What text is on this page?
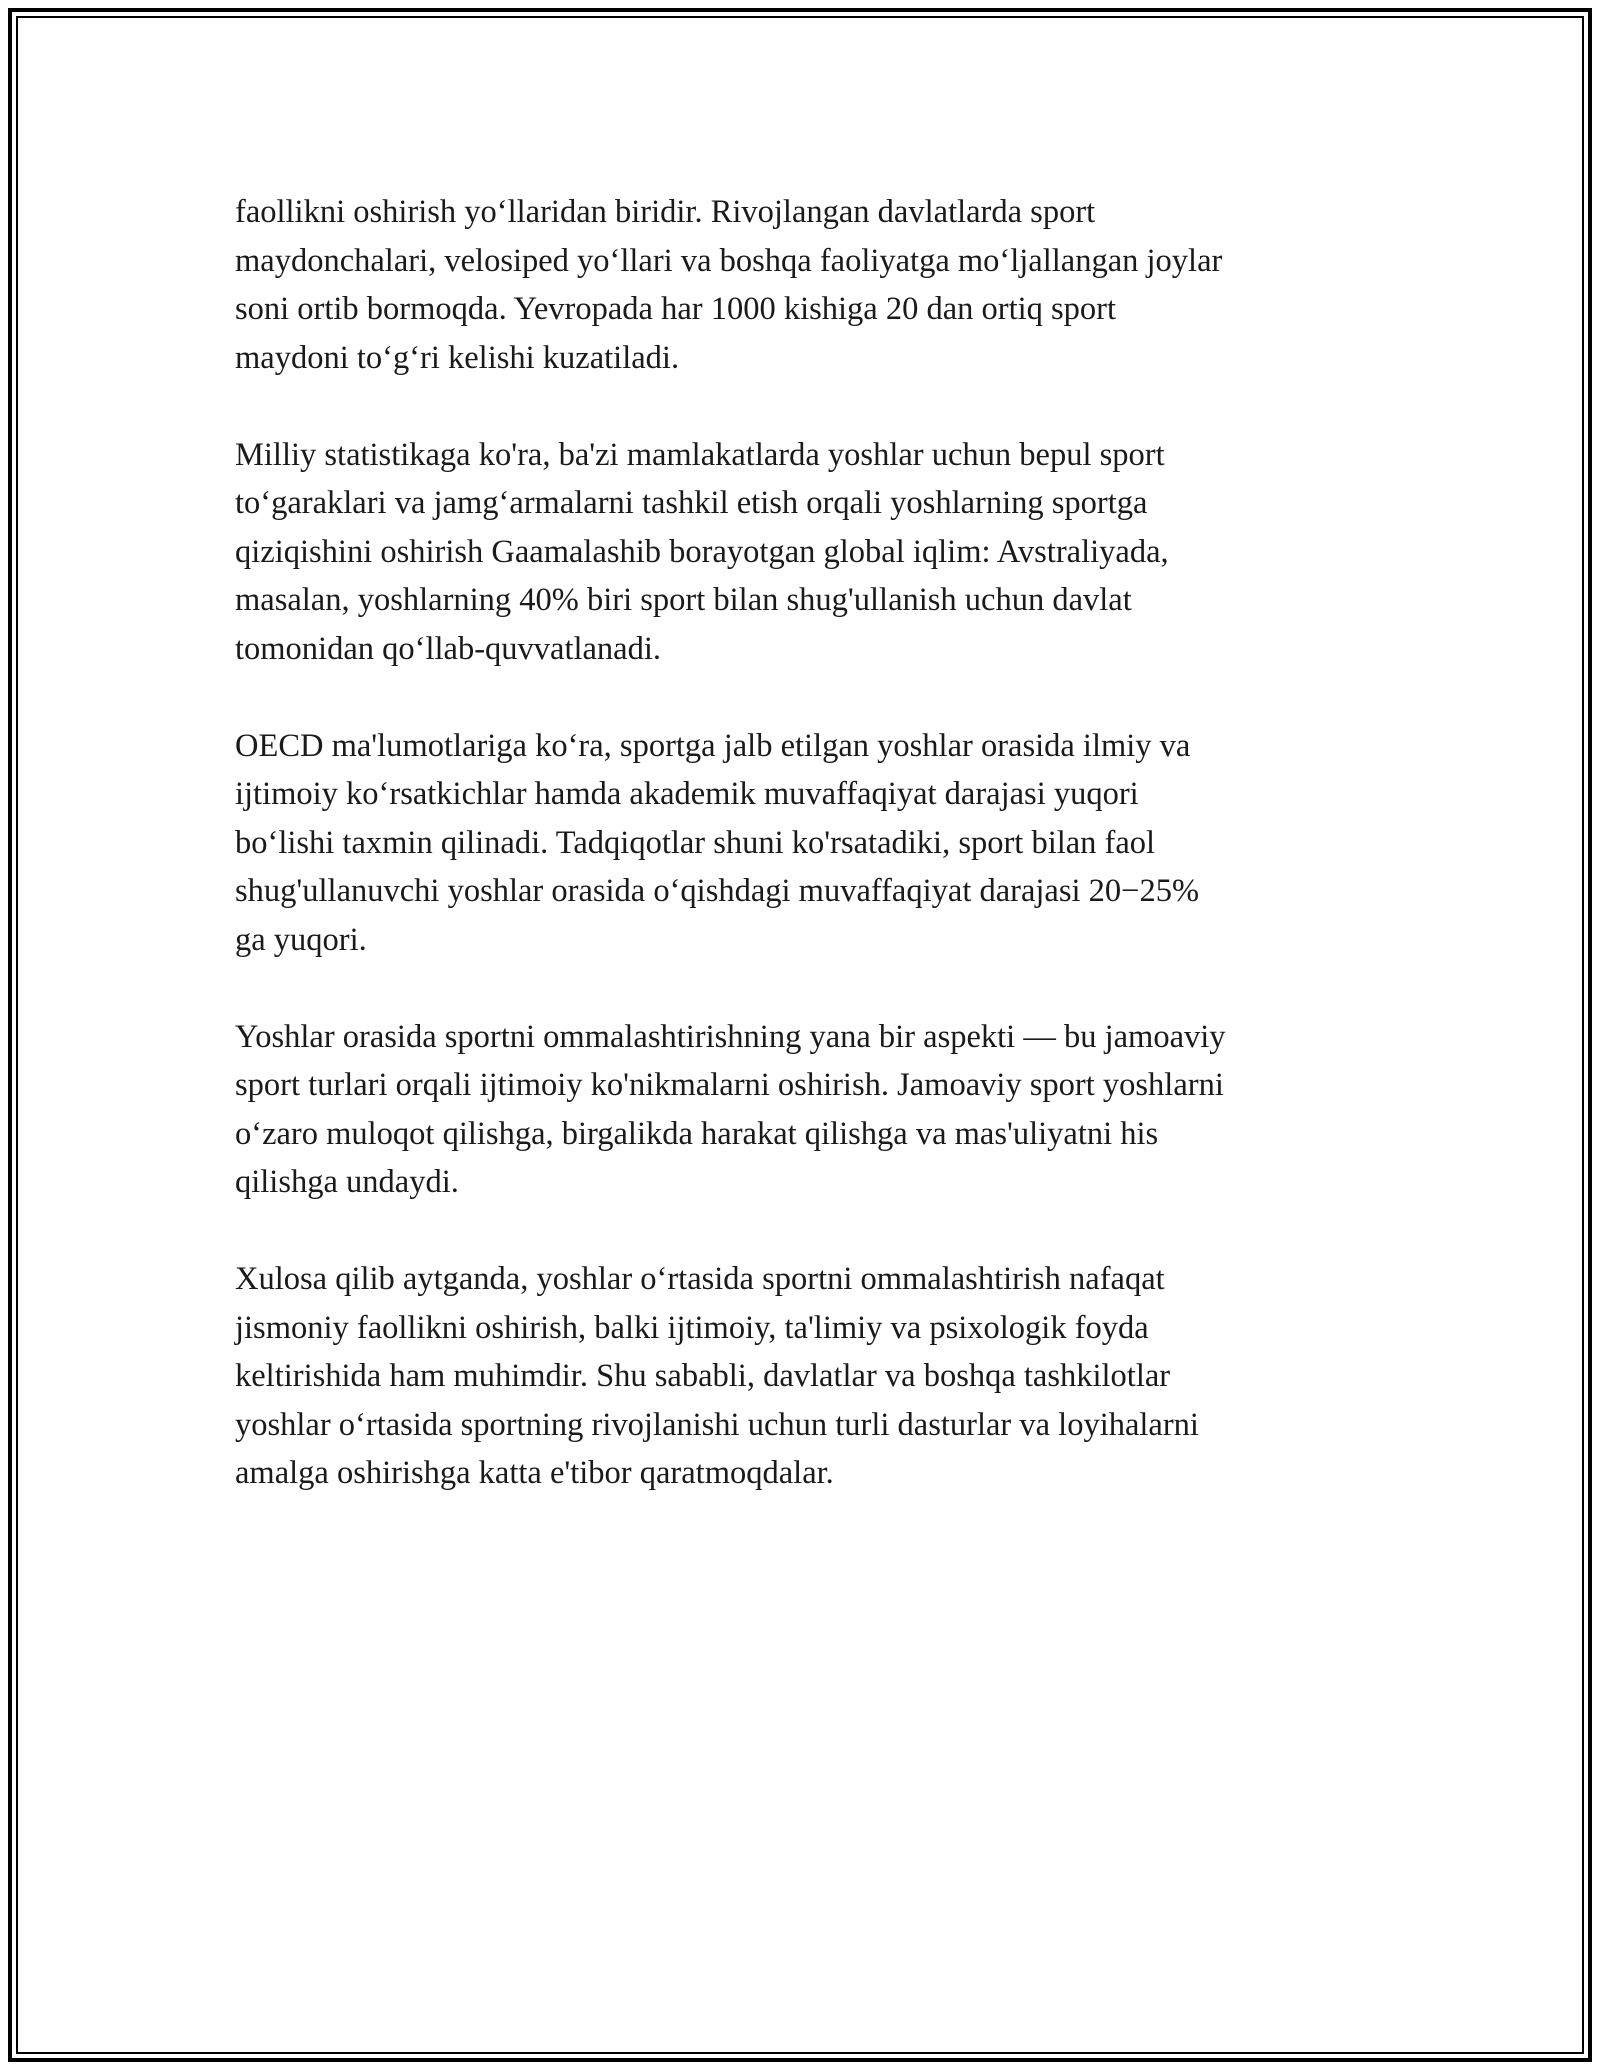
faollikni oshirish yo‘llaridan biridir. Rivojlangan davlatlarda sport
maydonchalari, velosiped yo‘llari va boshqa faoliyatga mo‘ljallangan joylar
soni ortib bormoqda. Yevropada har 1000 kishiga 20 dan ortiq sport
maydoni to‘g‘ri kelishi kuzatiladi.

Milliy statistikaga ko'ra, ba'zi mamlakatlarda yoshlar uchun bepul sport
to‘garaklari va jamg‘armalarni tashkil etish orqali yoshlarning sportga
qiziqishini oshirish Gaamalashib borayotgan global iqlim: Avstraliyada,
masalan, yoshlarning 40% biri sport bilan shug'ullanish uchun davlat
tomonidan qo‘llab-quvvatlanadi.

OECD ma'lumotlariga ko‘ra, sportga jalb etilgan yoshlar orasida ilmiy va
ijtimoiy ko‘rsatkichlar hamda akademik muvaffaqiyat darajasi yuqori
bo‘lishi taxmin qilinadi. Tadqiqotlar shuni ko'rsatadiki, sport bilan faol
shug'ullanuvchi yoshlar orasida o‘qishdagi muvaffaqiyat darajasi 20−25%
ga yuqori.

Yoshlar orasida sportni ommalashtirishning yana bir aspekti — bu jamoaviy
sport turlari orqali ijtimoiy ko'nikmalarni oshirish. Jamoaviy sport yoshlarni
o‘zaro muloqot qilishga, birgalikda harakat qilishga va mas'uliyatni his
qilishga undaydi.

Xulosa qilib aytganda, yoshlar o‘rtasida sportni ommalashtirish nafaqat
jismoniy faollikni oshirish, balki ijtimoiy, ta'limiy va psixologik foyda
keltirishida ham muhimdir. Shu sababli, davlatlar va boshqa tashkilotlar
yoshlar o‘rtasida sportning rivojlanishi uchun turli dasturlar va loyihalarni
amalga oshirishga katta e'tibor qaratmoqdalar.
